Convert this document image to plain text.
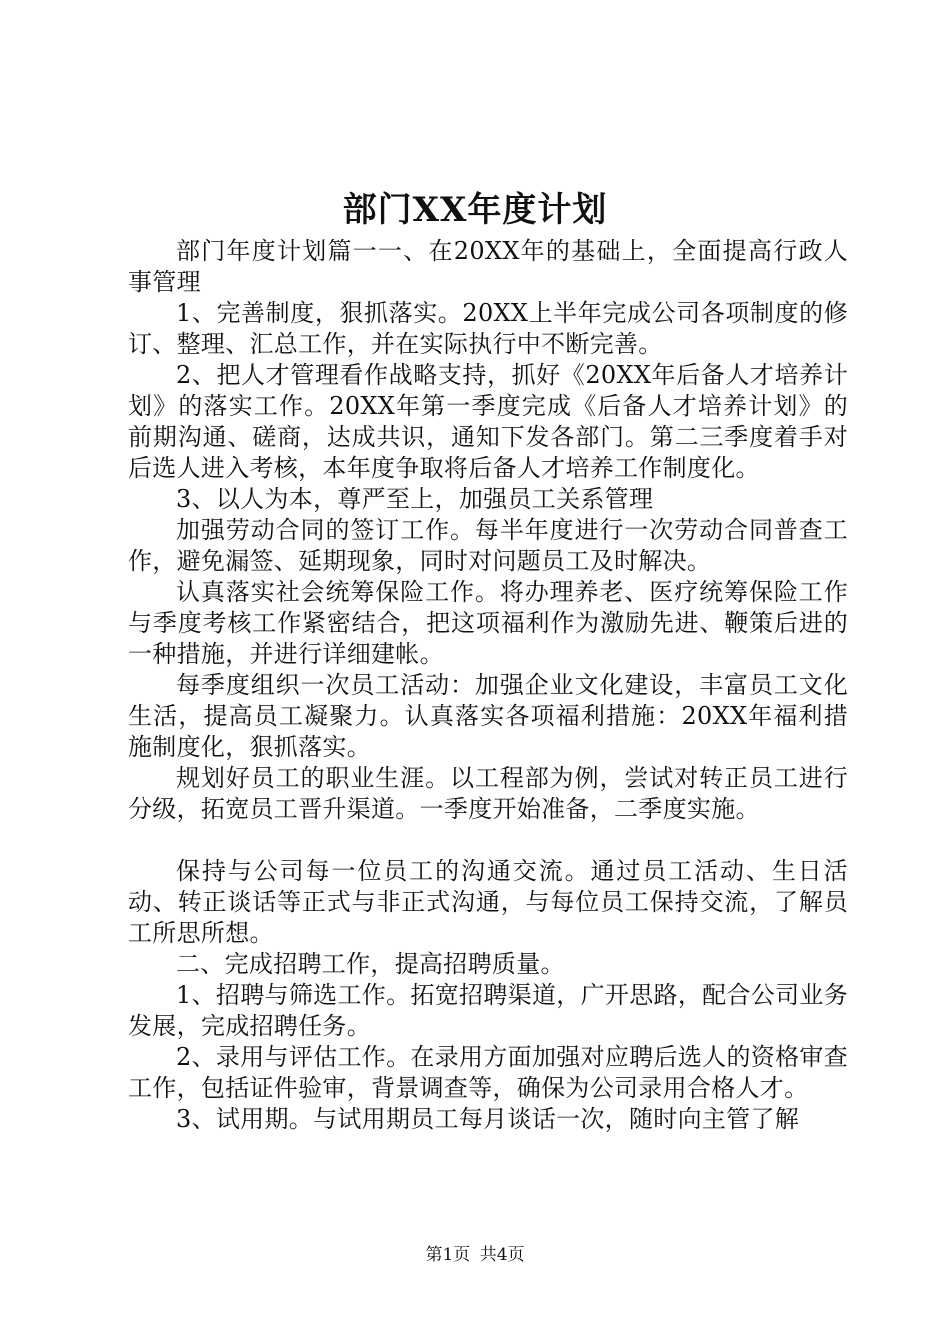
部门XX年度计划

部门年度计划篇一一、在20XX年的基础上，全面提高行政人事管理

1、完善制度，狠抓落实。20XX上半年完成公司各项制度的修订、整理、汇总工作，并在实际执行中不断完善。

2、把人才管理看作战略支持，抓好《20XX年后备人才培养计划》的落实工作。20XX年第一季度完成《后备人才培养计划》的前期沟通、磋商，达成共识，通知下发各部门。第二三季度着手对后选人进入考核，本年度争取将后备人才培养工作制度化。

3、以人为本，尊严至上，加强员工关系管理

加强劳动合同的签订工作。每半年度进行一次劳动合同普查工作，避免漏签、延期现象，同时对问题员工及时解决。

认真落实社会统筹保险工作。将办理养老、医疗统筹保险工作与季度考核工作紧密结合，把这项福利作为激励先进、鞭策后进的一种措施，并进行详细建帐。

每季度组织一次员工活动：加强企业文化建设，丰富员工文化生活，提高员工凝聚力。认真落实各项福利措施：20XX年福利措施制度化，狠抓落实。

规划好员工的职业生涯。以工程部为例，尝试对转正员工进行分级，拓宽员工晋升渠道。一季度开始准备，二季度实施。

保持与公司每一位员工的沟通交流。通过员工活动、生日活动、转正谈话等正式与非正式沟通，与每位员工保持交流，了解员工所思所想。

二、完成招聘工作，提高招聘质量。

1、招聘与筛选工作。拓宽招聘渠道，广开思路，配合公司业务发展，完成招聘任务。

2、录用与评估工作。在录用方面加强对应聘后选人的资格审查工作，包括证件验审，背景调查等，确保为公司录用合格人才。

3、试用期。与试用期员工每月谈话一次，随时向主管了解

第1页 共4页
